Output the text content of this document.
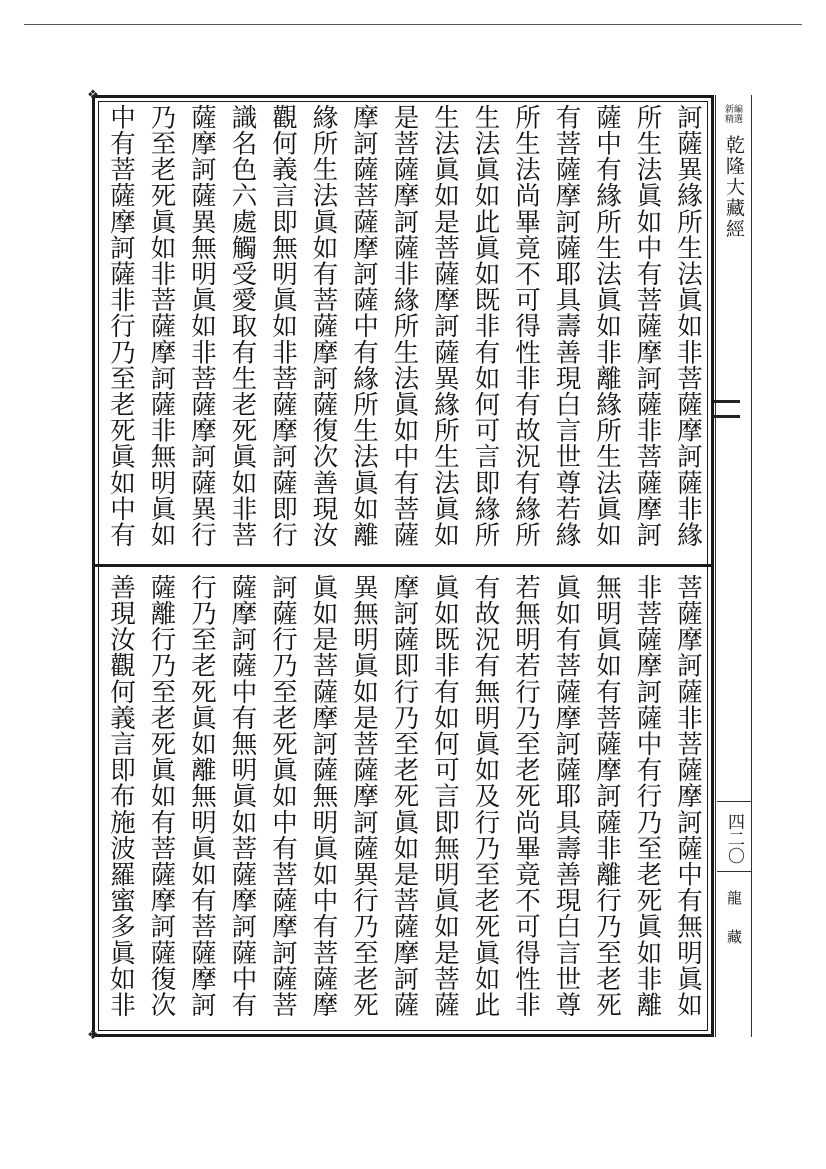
❖
❖
訶薩異緣所生法眞如非菩薩摩訶薩非緣
所生法眞如中有菩薩摩訶薩非菩薩摩訶
薩中有緣所生法眞如非離緣所生法眞如
有菩薩摩訶薩耶具壽善現白言世尊若緣
所生法尚畢竟不可得性非有故況有緣所
生法眞如此眞如既非有如何可言即緣所
生法眞如是菩薩摩訶薩異緣所生法眞如
是菩薩摩訶薩非緣所生法眞如中有菩薩
摩訶薩菩薩摩訶薩中有緣所生法眞如離
緣所生法眞如有菩薩摩訶薩復次善現汝
觀何義言即無明眞如非菩薩摩訶薩即行
識名色六處觸受愛取有生老死眞如非菩
薩摩訶薩異無明眞如非菩薩摩訶薩異行
乃至老死眞如非菩薩摩訶薩非無明眞如
中有菩薩摩訶薩非行乃至老死眞如中有
菩薩摩訶薩非菩薩摩訶薩中有無明眞如
非菩薩摩訶薩中有行乃至老死眞如非離
無明眞如有菩薩摩訶薩非離行乃至老死
眞如有菩薩摩訶薩耶具壽善現白言世尊
若無明若行乃至老死尚畢竟不可得性非
有故況有無明眞如及行乃至老死眞如此
眞如既非有如何可言即無明眞如是菩薩
摩訶薩即行乃至老死眞如是菩薩摩訶薩
異無明眞如是菩薩摩訶薩異行乃至老死
眞如是菩薩摩訶薩無明眞如中有菩薩摩
訶薩行乃至老死眞如中有菩薩摩訶薩菩
薩摩訶薩中有無明眞如菩薩摩訶薩中有
行乃至老死眞如離無明眞如有菩薩摩訶
薩離行乃至老死眞如有菩薩摩訶薩復次
善現汝觀何義言即布施波羅蜜多眞如非
新編
精選
乾隆大藏經
四二〇
龍藏
